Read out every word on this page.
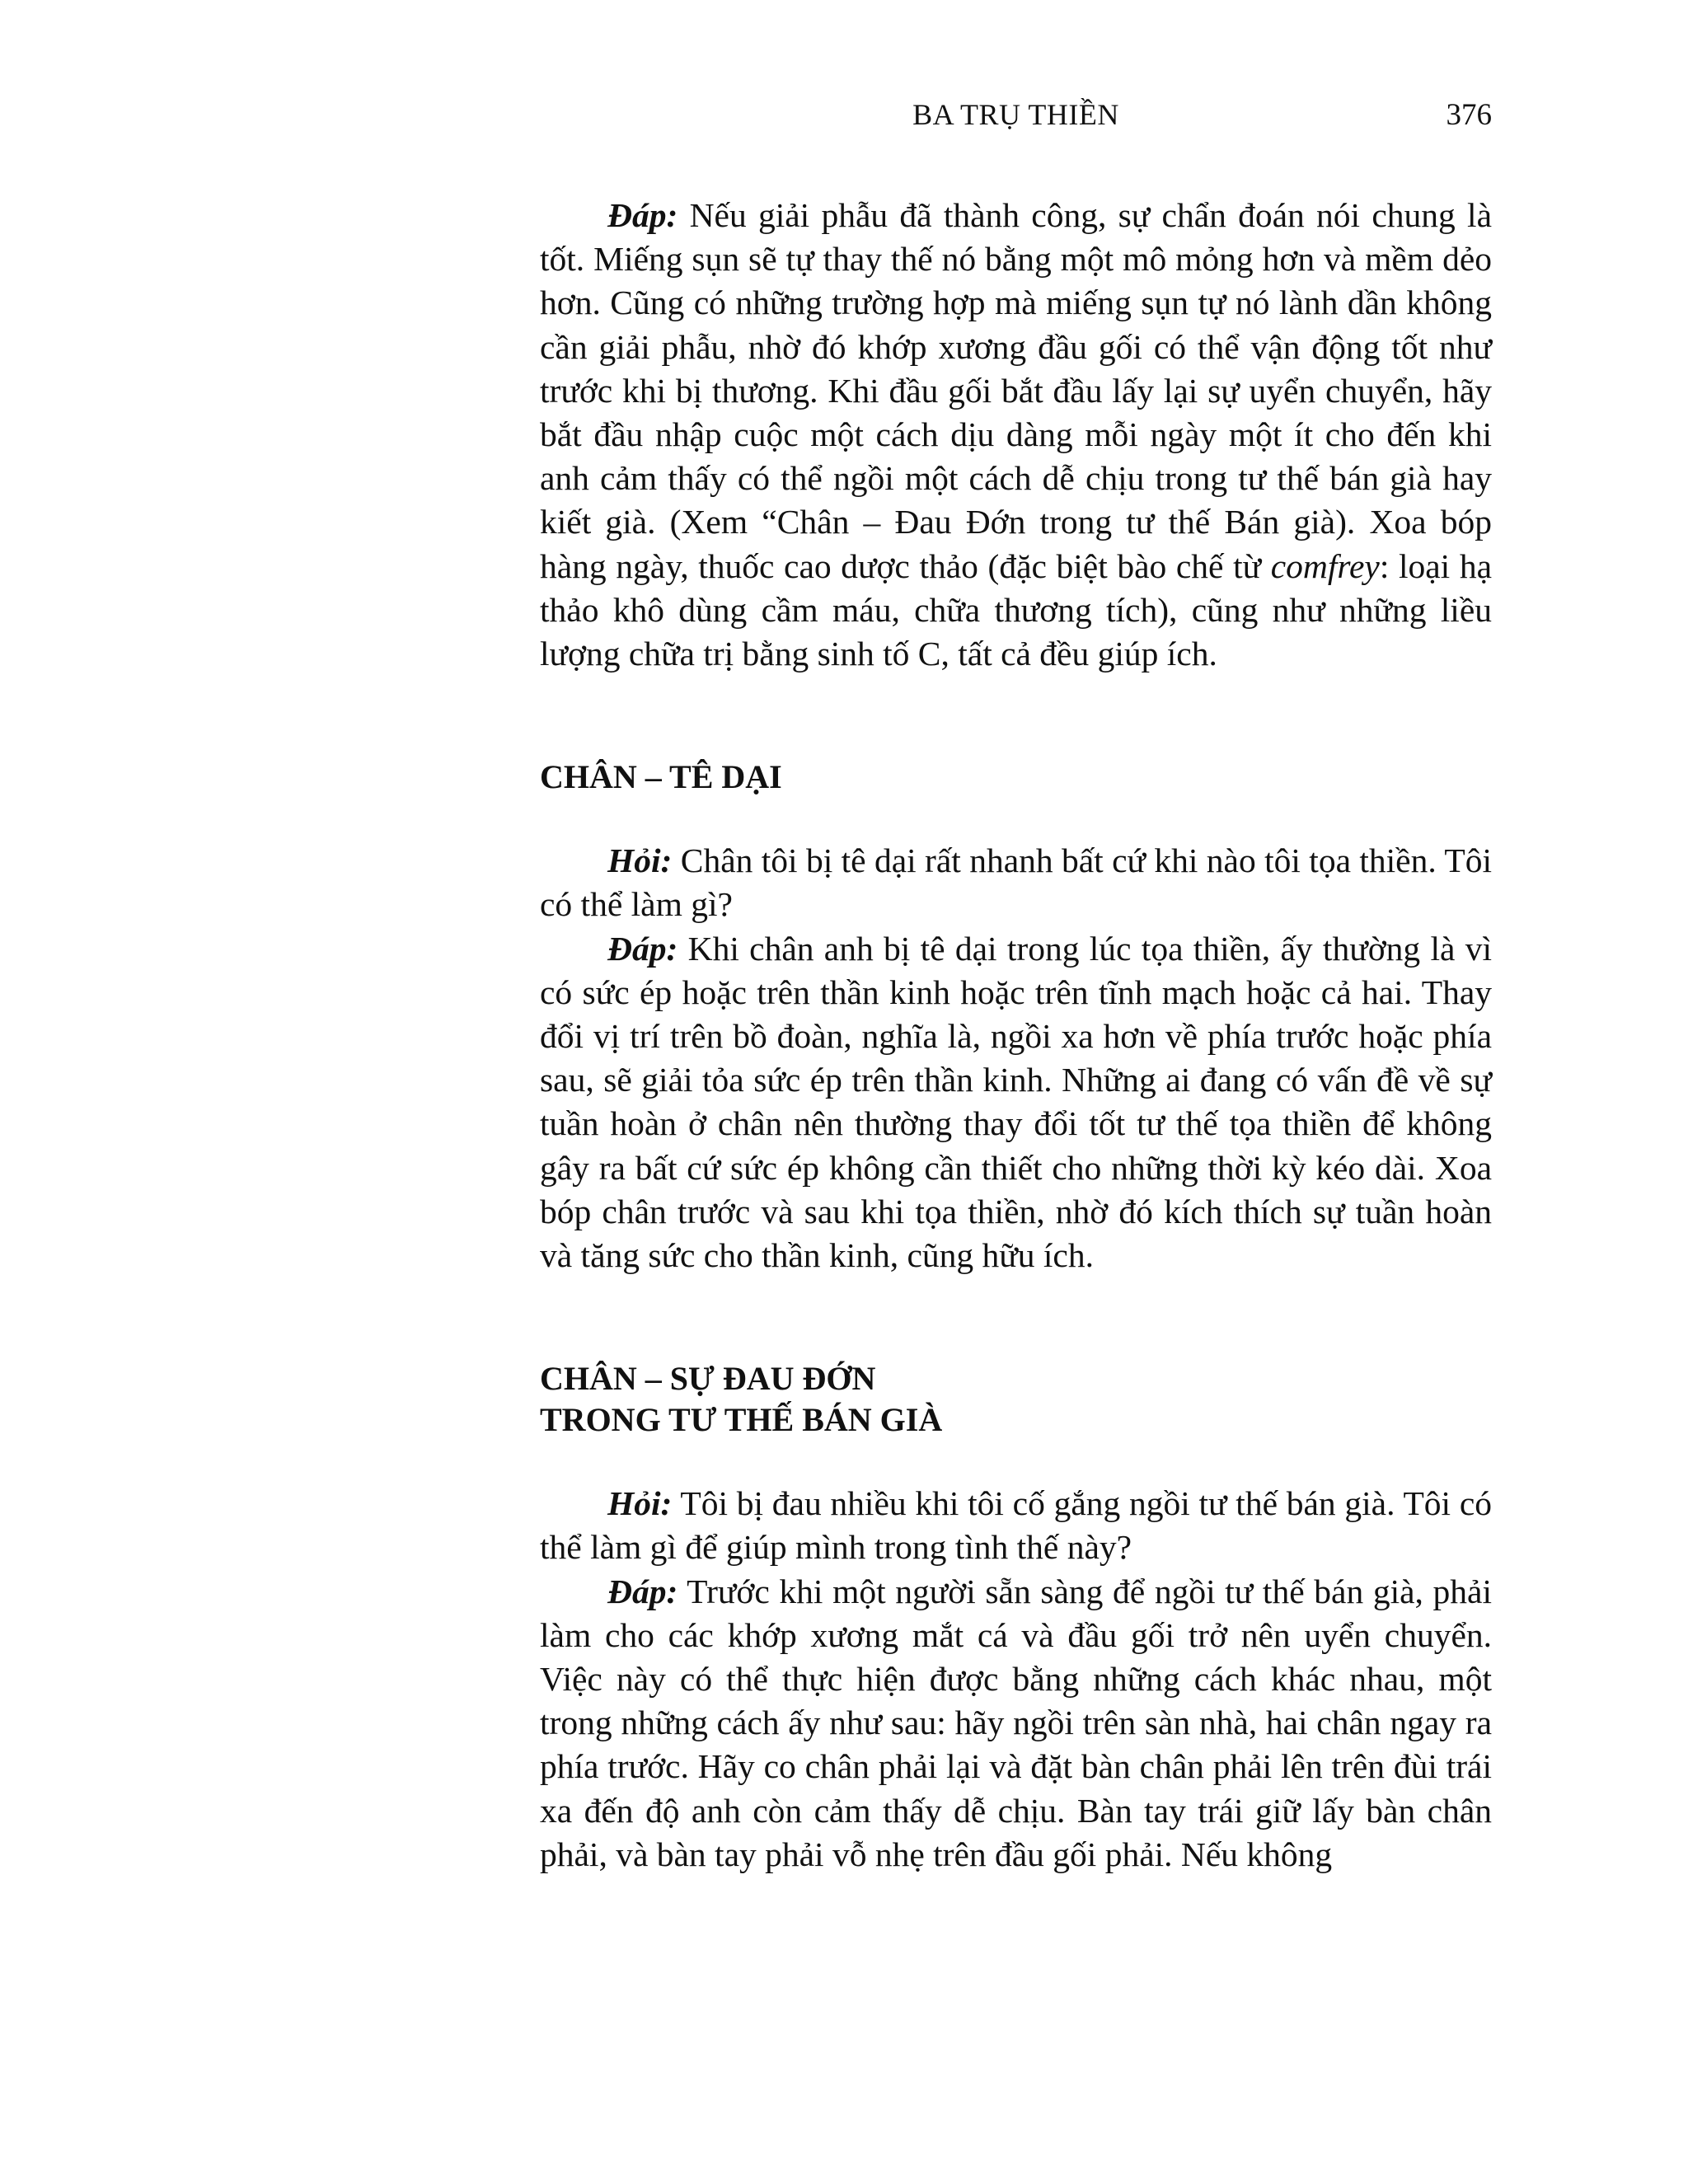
BA TRỤ THIỀN	376

Đáp: Nếu giải phẫu đã thành công, sự chẩn đoán nói chung là tốt. Miếng sụn sẽ tự thay thế nó bằng một mô mỏng hơn và mềm dẻo hơn. Cũng có những trường hợp mà miếng sụn tự nó lành dần không cần giải phẫu, nhờ đó khớp xương đầu gối có thể vận động tốt như trước khi bị thương. Khi đầu gối bắt đầu lấy lại sự uyển chuyển, hãy bắt đầu nhập cuộc một cách dịu dàng mỗi ngày một ít cho đến khi anh cảm thấy có thể ngồi một cách dễ chịu trong tư thế bán già hay kiết già. (Xem “Chân – Đau Đớn trong tư thế Bán già). Xoa bóp hàng ngày, thuốc cao dược thảo (đặc biệt bào chế từ comfrey: loại hạ thảo khô dùng cầm máu, chữa thương tích), cũng như những liều lượng chữa trị bằng sinh tố C, tất cả đều giúp ích.

CHÂN – TÊ DẠI

Hỏi: Chân tôi bị tê dại rất nhanh bất cứ khi nào tôi tọa thiền. Tôi có thể làm gì?

Đáp: Khi chân anh bị tê dại trong lúc tọa thiền, ấy thường là vì có sức ép hoặc trên thần kinh hoặc trên tĩnh mạch hoặc cả hai. Thay đổi vị trí trên bồ đoàn, nghĩa là, ngồi xa hơn về phía trước hoặc phía sau, sẽ giải tỏa sức ép trên thần kinh. Những ai đang có vấn đề về sự tuần hoàn ở chân nên thường thay đổi tốt tư thế tọa thiền để không gây ra bất cứ sức ép không cần thiết cho những thời kỳ kéo dài. Xoa bóp chân trước và sau khi tọa thiền, nhờ đó kích thích sự tuần hoàn và tăng sức cho thần kinh, cũng hữu ích.

CHÂN – SỰ ĐAU ĐỚN
TRONG TƯ THẾ BÁN GIÀ

Hỏi: Tôi bị đau nhiều khi tôi cố gắng ngồi tư thế bán già. Tôi có thể làm gì để giúp mình trong tình thế này?

Đáp: Trước khi một người sẵn sàng để ngồi tư thế bán già, phải làm cho các khớp xương mắt cá và đầu gối trở nên uyển chuyển. Việc này có thể thực hiện được bằng những cách khác nhau, một trong những cách ấy như sau: hãy ngồi trên sàn nhà, hai chân ngay ra phía trước. Hãy co chân phải lại và đặt bàn chân phải lên trên đùi trái xa đến độ anh còn cảm thấy dễ chịu. Bàn tay trái giữ lấy bàn chân phải, và bàn tay phải vỗ nhẹ trên đầu gối phải. Nếu không
